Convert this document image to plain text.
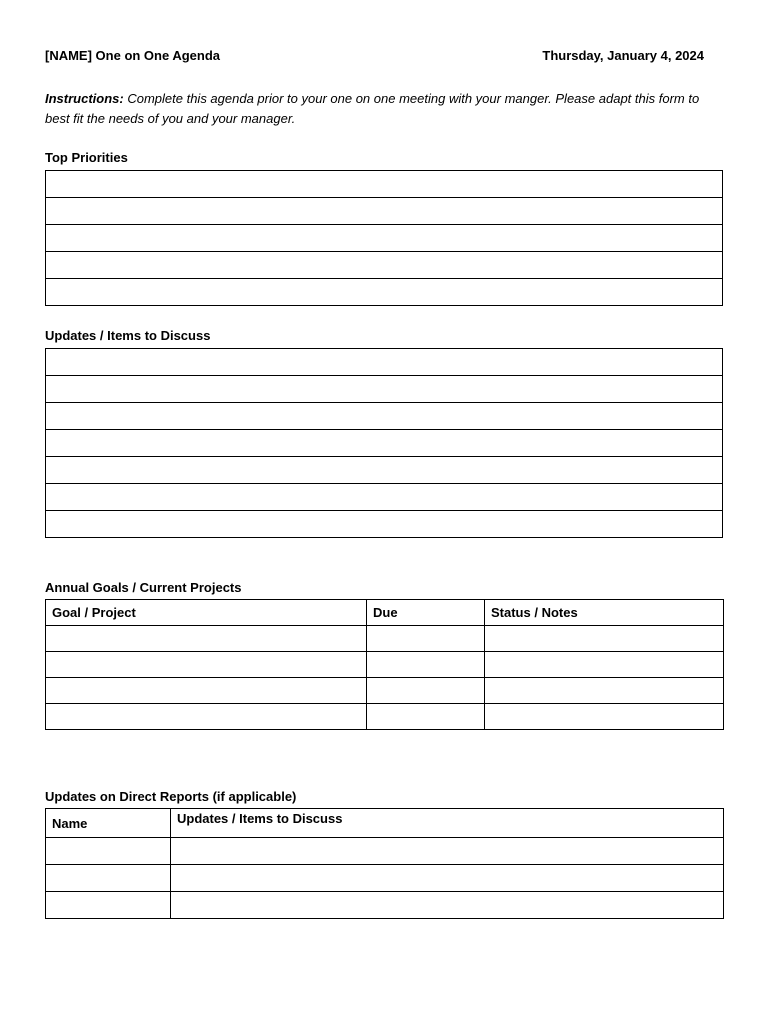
[NAME] One on One Agenda	Thursday, January 4, 2024
Instructions: Complete this agenda prior to your one on one meeting with your manger. Please adapt this form to best fit the needs of you and your manager.
Top Priorities

Updates / Items to Discuss

Annual Goals / Current Projects
Goal / Project	Due	Status / Notes

Updates on Direct Reports (if applicable)
Name	Updates / Items to Discuss
